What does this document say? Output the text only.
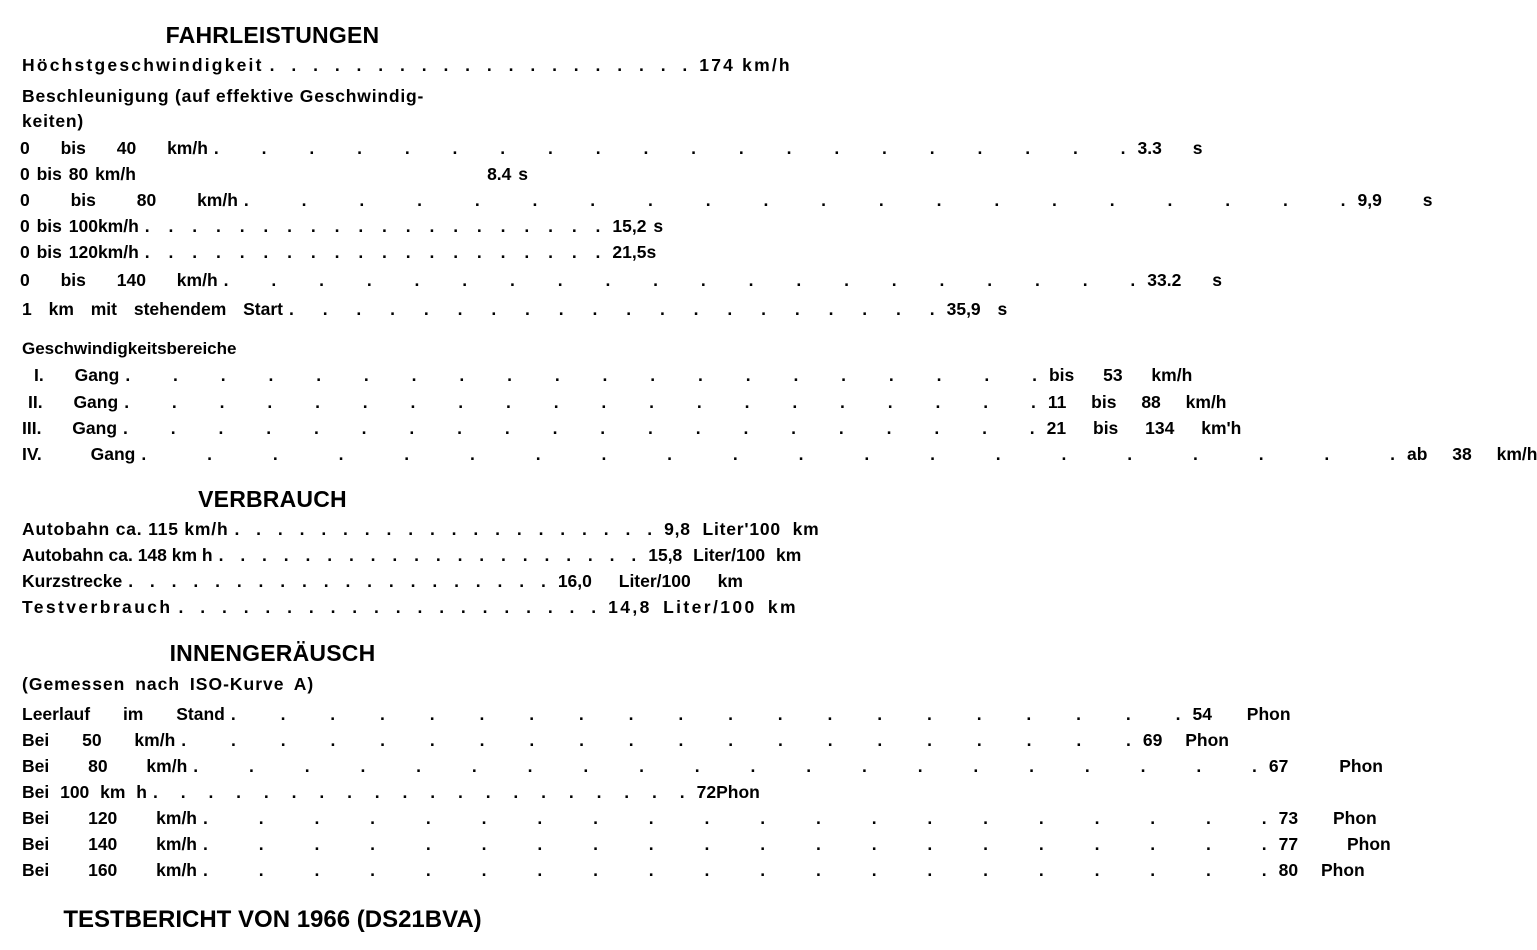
FAHRLEISTUNGEN
Höchstgeschwindigkeit . . . . . . . . . . . . . . . . . . . . 174 km/h
Beschleunigung (auf effektive Geschwindig-
keiten)
0 bis 40 km/h . . . . . . . . . . . . . . . . . . . . 3.3 s
0 bis 80 km/h	8.4 s
0 bis 80 km/h . . . . . . . . . . . . . . . . . . . . 9,9 s
0 bis 100km/h . . . . . . . . . . . . . . . . . . . . 15,2 s
0 bis 120km/h . . . . . . . . . . . . . . . . . . . . 21,5s
0 bis 140 km/h . . . . . . . . . . . . . . . . . . . . 33.2 s
1 km mit stehendem Start . . . . . . . . . . . . . . . . . . . . 35,9 s
Geschwindigkeitsbereiche
I. Gang . . . . . . . . . . . . . . . . . . . . bis 53 km/h
II. Gang . . . . . . . . . . . . . . . . . . . . 11 bis 88 km/h
III. Gang . . . . . . . . . . . . . . . . . . . . 21 bis 134 km'h
IV. Gang . . . . . . . . . . . . . . . . . . . . ab 38 km/h
VERBRAUCH
Autobahn ca. 115 km/h . . . . . . . . . . . . . . . . . . . . 9,8 Liter'100 km
Autobahn ca. 148 km h . . . . . . . . . . . . . . . . . . . . 15,8 Liter/100 km
Kurzstrecke . . . . . . . . . . . . . . . . . . . . 16,0 Liter/100 km
Testverbrauch . . . . . . . . . . . . . . . . . . . . 14,8 Liter/100 km
INNENGERÄUSCH
(Gemessen nach ISO-Kurve A)
Leerlauf im Stand . . . . . . . . . . . . . . . . . . . . 54 Phon
Bei 50 km/h . . . . . . . . . . . . . . . . . . . . 69 Phon
Bei 80 km/h . . . . . . . . . . . . . . . . . . . . 67 Phon
Bei 100 km h . . . . . . . . . . . . . . . . . . . . 72Phon
Bei 120 km/h . . . . . . . . . . . . . . . . . . . . 73 Phon
Bei 140 km/h . . . . . . . . . . . . . . . . . . . . 77 Phon
Bei 160 km/h . . . . . . . . . . . . . . . . . . . . 80 Phon
TESTBERICHT VON 1966 (DS21BVA)
